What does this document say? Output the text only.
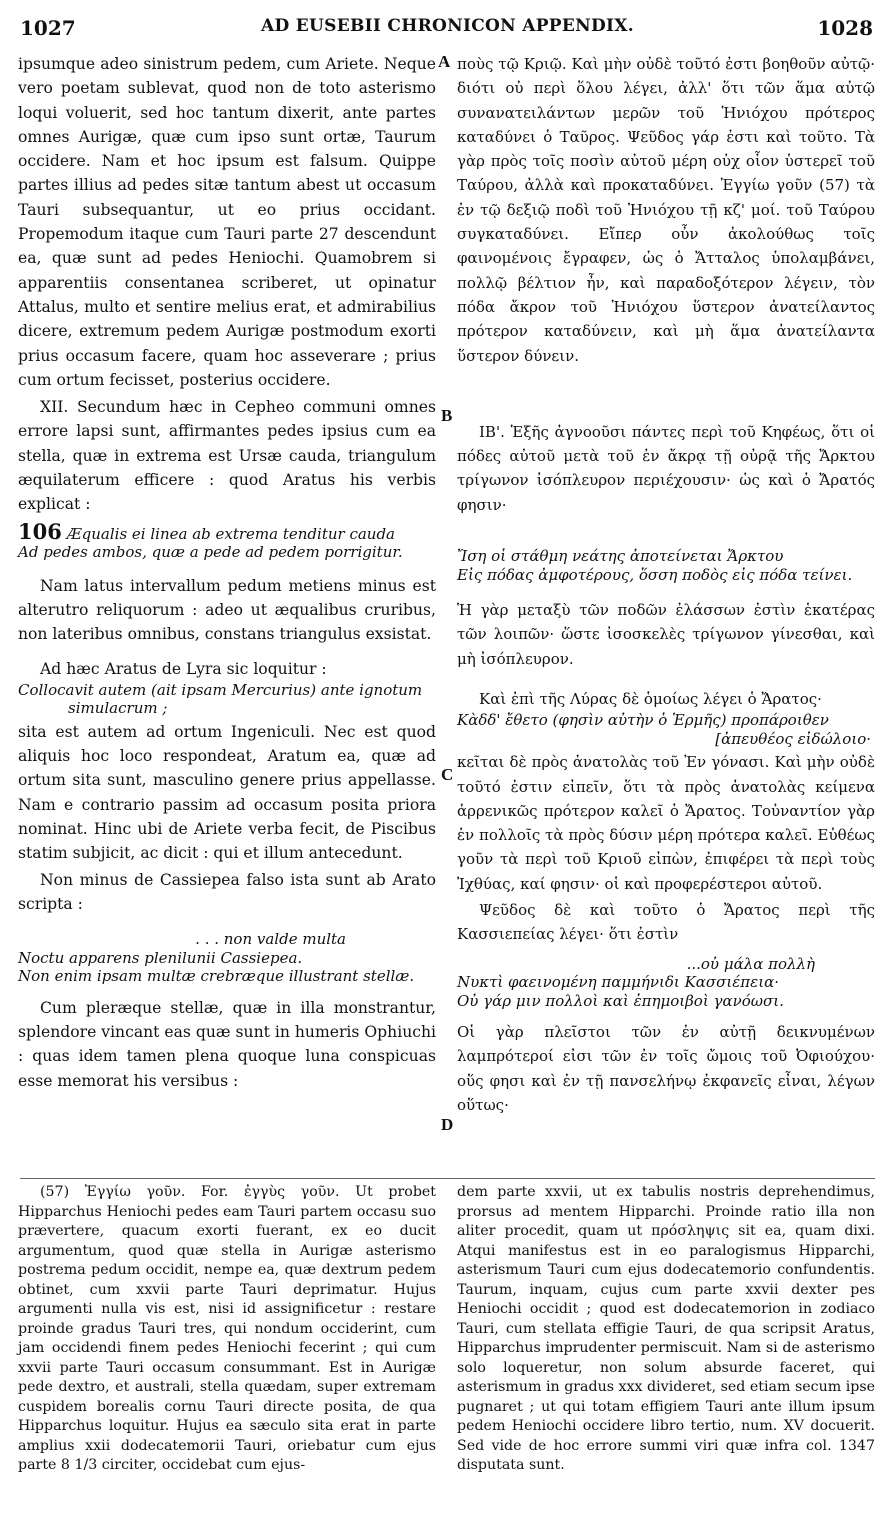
1027	AD EUSEBII CHRONICON APPENDIX.	1028
A
B
C
D

ipsumque adeo sinistrum pedem, cum Ariete. Neque vero poetam sublevat, quod non de toto asterismo loqui voluerit, sed hoc tantum dixerit, ante partes omnes Aurigæ, quæ cum ipso sunt ortæ, Taurum occidere. Nam et hoc ipsum est falsum. Quippe partes illius ad pedes sitæ tantum abest ut occasum Tauri subsequantur, ut eo prius occidant. Propemodum itaque cum Tauri parte 27 descendunt ea, quæ sunt ad pedes Heniochi. Quamobrem si apparentiis consentanea scriberet, ut opinatur Attalus, multo et sentire melius erat, et admirabilius dicere, extremum pedem Aurigæ postmodum exorti prius occasum facere, quam hoc asseverare ; prius cum ortum fecisset, posterius occidere.

XII. Secundum hæc in Cepheo communi omnes errore lapsi sunt, affirmantes pedes ipsius cum ea stella, quæ in extrema est Ursæ cauda, triangulum æquilaterum efficere : quod Aratus his verbis explicat :

106 Æqualis ei linea ab extrema tenditur cauda

Ad pedes ambos, quæ a pede ad pedem porrigitur.

Nam latus intervallum pedum metiens minus est alterutro reliquorum : adeo ut æqualibus cruribus, non lateribus omnibus, constans triangulus exsistat.

Ad hæc Aratus de Lyra sic loquitur :

Collocavit autem (ait ipsam Mercurius) ante ignotum

simulacrum ;

sita est autem ad ortum Ingeniculi. Nec est quod aliquis hoc loco respondeat, Aratum ea, quæ ad ortum sita sunt, masculino genere prius appellasse. Nam e contrario passim ad occasum posita priora nominat. Hinc ubi de Ariete verba fecit, de Piscibus statim subjicit, ac dicit : qui et illum antecedunt.

Non minus de Cassiepea falso ista sunt ab Arato scripta :

. . . non valde multa

Noctu apparens plenilunii Cassiepea.

Non enim ipsam multæ crebræque illustrant stellæ.

Cum pleræque stellæ, quæ in illa monstrantur, splendore vincant eas quæ sunt in humeris Ophiuchi : quas idem tamen plena quoque luna conspicuas esse memorat his versibus :

ποὺς τῷ Κριῷ. Καὶ μὴν οὐδὲ τοῦτό ἐστι βοηθοῦν αὐτῷ· διότι οὐ περὶ ὅλου λέγει, ἀλλ' ὅτι τῶν ἅμα αὐτῷ συνανατειλάντων μερῶν τοῦ Ἡνιόχου πρότερος καταδύνει ὁ Ταῦρος. Ψεῦδος γάρ ἐστι καὶ τοῦτο. Τὰ γὰρ πρὸς τοῖς ποσὶν αὐτοῦ μέρη οὐχ οἷον ὑστερεῖ τοῦ Ταύρου, ἀλλὰ καὶ προκαταδύνει. Ἐγγίω γοῦν (57) τὰ ἐν τῷ δεξιῷ ποδὶ τοῦ Ἡνιόχου τῇ κζ' μοί. τοῦ Ταύρου συγκαταδύνει. Εἴπερ οὖν ἀκολούθως τοῖς φαινομένοις ἔγραφεν, ὡς ὁ Ἄτταλος ὑπολαμβάνει, πολλῷ βέλτιον ἦν, καὶ παραδοξότερον λέγειν, τὸν πόδα ἄκρον τοῦ Ἡνιόχου ὕστερον ἀνατείλαντος πρότερον καταδύνειν, καὶ μὴ ἅμα ἀνατείλαντα ὕστερον δύνειν.

ΙΒ'. Ἑξῆς ἀγνοοῦσι πάντες περὶ τοῦ Κηφέως, ὅτι οἱ πόδες αὐτοῦ μετὰ τοῦ ἐν ἄκρᾳ τῇ οὐρᾷ τῆς Ἄρκτου τρίγωνον ἰσόπλευρον περιέχουσιν· ὡς καὶ ὁ Ἄρατός φησιν·

Ἴση οἱ στάθμη νεάτης ἀποτείνεται Ἄρκτου

Εἰς πόδας ἀμφοτέρους, ὅσση ποδὸς εἰς πόδα τείνει.

Ἡ γὰρ μεταξὺ τῶν ποδῶν ἐλάσσων ἐστὶν ἑκατέρας τῶν λοιπῶν· ὥστε ἰσοσκελὲς τρίγωνον γίνεσθαι, καὶ μὴ ἰσόπλευρον.

Καὶ ἐπὶ τῆς Λύρας δὲ ὁμοίως λέγει ὁ Ἄρατος·

Κὰδδ' ἔθετο (φησὶν αὐτὴν ὁ Ἑρμῆς) προπάροιθεν

[ἀπευθέος εἰδώλοιο·

κεῖται δὲ πρὸς ἀνατολὰς τοῦ Ἐν γόνασι. Καὶ μὴν οὐδὲ τοῦτό ἐστιν εἰπεῖν, ὅτι τὰ πρὸς ἀνατολὰς κείμενα ἀρρενικῶς πρότερον καλεῖ ὁ Ἄρατος. Τοὐναντίον γὰρ ἐν πολλοῖς τὰ πρὸς δύσιν μέρη πρότερα καλεῖ. Εὐθέως γοῦν τὰ περὶ τοῦ Κριοῦ εἰπὼν, ἐπιφέρει τὰ περὶ τοὺς Ἰχθύας, καί φησιν· οἱ καὶ προφερέστεροι αὐτοῦ.

Ψεῦδος δὲ καὶ τοῦτο ὁ Ἄρατος περὶ τῆς Κασσιεπείας λέγει· ὅτι ἐστὶν

...οὐ μάλα πολλὴ

Νυκτὶ φαεινομένη παμμήνιδι Κασσιέπεια·

Οὐ γάρ μιν πολλοὶ καὶ ἐπημοιβοὶ γανόωσι.

Οἱ γὰρ πλεῖστοι τῶν ἐν αὐτῇ δεικνυμένων λαμπρότεροί εἰσι τῶν ἐν τοῖς ὤμοις τοῦ Ὀφιούχου· οὕς φησι καὶ ἐν τῇ πανσελήνῳ ἐκφανεῖς εἶναι, λέγων οὕτως·

(57) Ἐγγίω γοῦν. For. ἐγγὺς γοῦν. Ut probet Hipparchus Heniochi pedes eam Tauri partem occasu suo prævertere, quacum exorti fuerant, ex eo ducit argumentum, quod quæ stella in Aurigæ asterismo postrema pedum occidit, nempe ea, quæ dextrum pedem obtinet, cum xxvii parte Tauri deprimatur. Hujus argumenti nulla vis est, nisi id assignificetur : restare proinde gradus Tauri tres, qui nondum occiderint, cum jam occidendi finem pedes Heniochi fecerint ; qui cum xxvii parte Tauri occasum consummant. Est in Aurigæ pede dextro, et australi, stella quædam, super extremam cuspidem borealis cornu Tauri directe posita, de qua Hipparchus loquitur. Hujus ea sæculo sita erat in parte amplius xxii dodecatemorii Tauri, oriebatur cum ejus parte 8 1/3 circiter, occidebat cum ejus-

dem parte xxvii, ut ex tabulis nostris deprehendimus, prorsus ad mentem Hipparchi. Proinde ratio illa non aliter procedit, quam ut πρόσληψις sit ea, quam dixi. Atqui manifestus est in eo paralogismus Hipparchi, asterismum Tauri cum ejus dodecatemorio confundentis. Taurum, inquam, cujus cum parte xxvii dexter pes Heniochi occidit ; quod est dodecatemorion in zodiaco Tauri, cum stellata effigie Tauri, de qua scripsit Aratus, Hipparchus imprudenter permiscuit. Nam si de asterismo solo loqueretur, non solum absurde faceret, qui asterismum in gradus xxx divideret, sed etiam secum ipse pugnaret ; ut qui totam effigiem Tauri ante illum ipsum pedem Heniochi occidere libro tertio, num. XV docuerit. Sed vide de hoc errore summi viri quæ infra col. 1347 disputata sunt.
